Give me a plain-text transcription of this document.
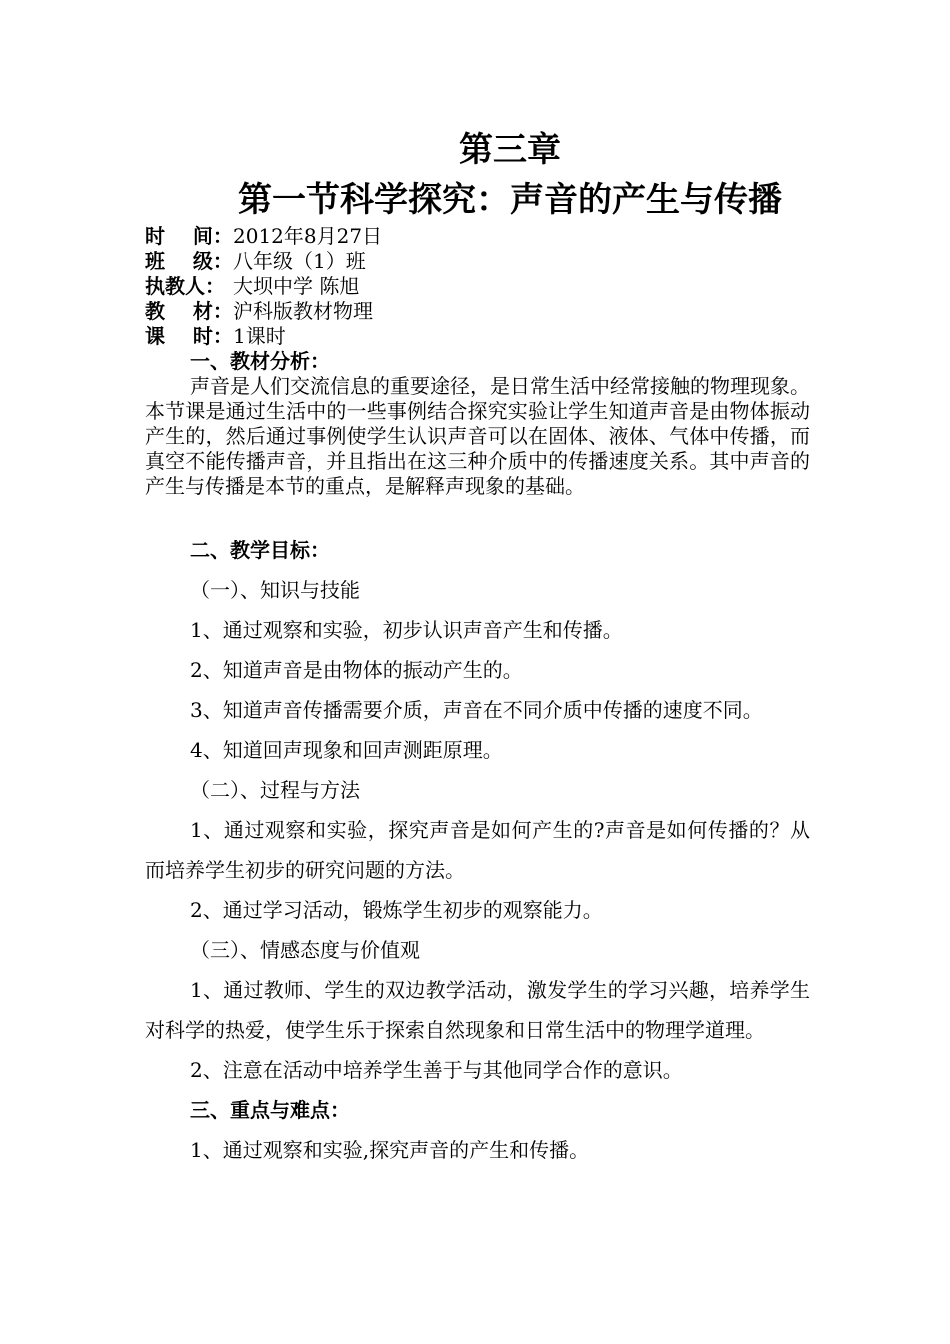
第三章
第一节科学探究：声音的产生与传播
时    间：2012年8月27日
班    级：八年级（1）班
执教人： 大坝中学 陈旭
教    材：沪科版教材物理
课    时：1课时
一、教材分析：
声音是人们交流信息的重要途径，是日常生活中经常接触的物理现象。本节课是通过生活中的一些事例结合探究实验让学生知道声音是由物体振动产生的，然后通过事例使学生认识声音可以在固体、液体、气体中传播，而真空不能传播声音，并且指出在这三种介质中的传播速度关系。其中声音的产生与传播是本节的重点，是解释声现象的基础。
二、教学目标：
（一）、知识与技能
1、通过观察和实验，初步认识声音产生和传播。
2、知道声音是由物体的振动产生的。
3、知道声音传播需要介质，声音在不同介质中传播的速度不同。
4、知道回声现象和回声测距原理。
（二）、过程与方法
1、通过观察和实验，探究声音是如何产生的?声音是如何传播的？从而培养学生初步的研究问题的方法。
2、通过学习活动，锻炼学生初步的观察能力。
（三）、情感态度与价值观
1、通过教师、学生的双边教学活动，激发学生的学习兴趣，培养学生对科学的热爱，使学生乐于探索自然现象和日常生活中的物理学道理。
2、注意在活动中培养学生善于与其他同学合作的意识。
三、重点与难点：
1、通过观察和实验,探究声音的产生和传播。
